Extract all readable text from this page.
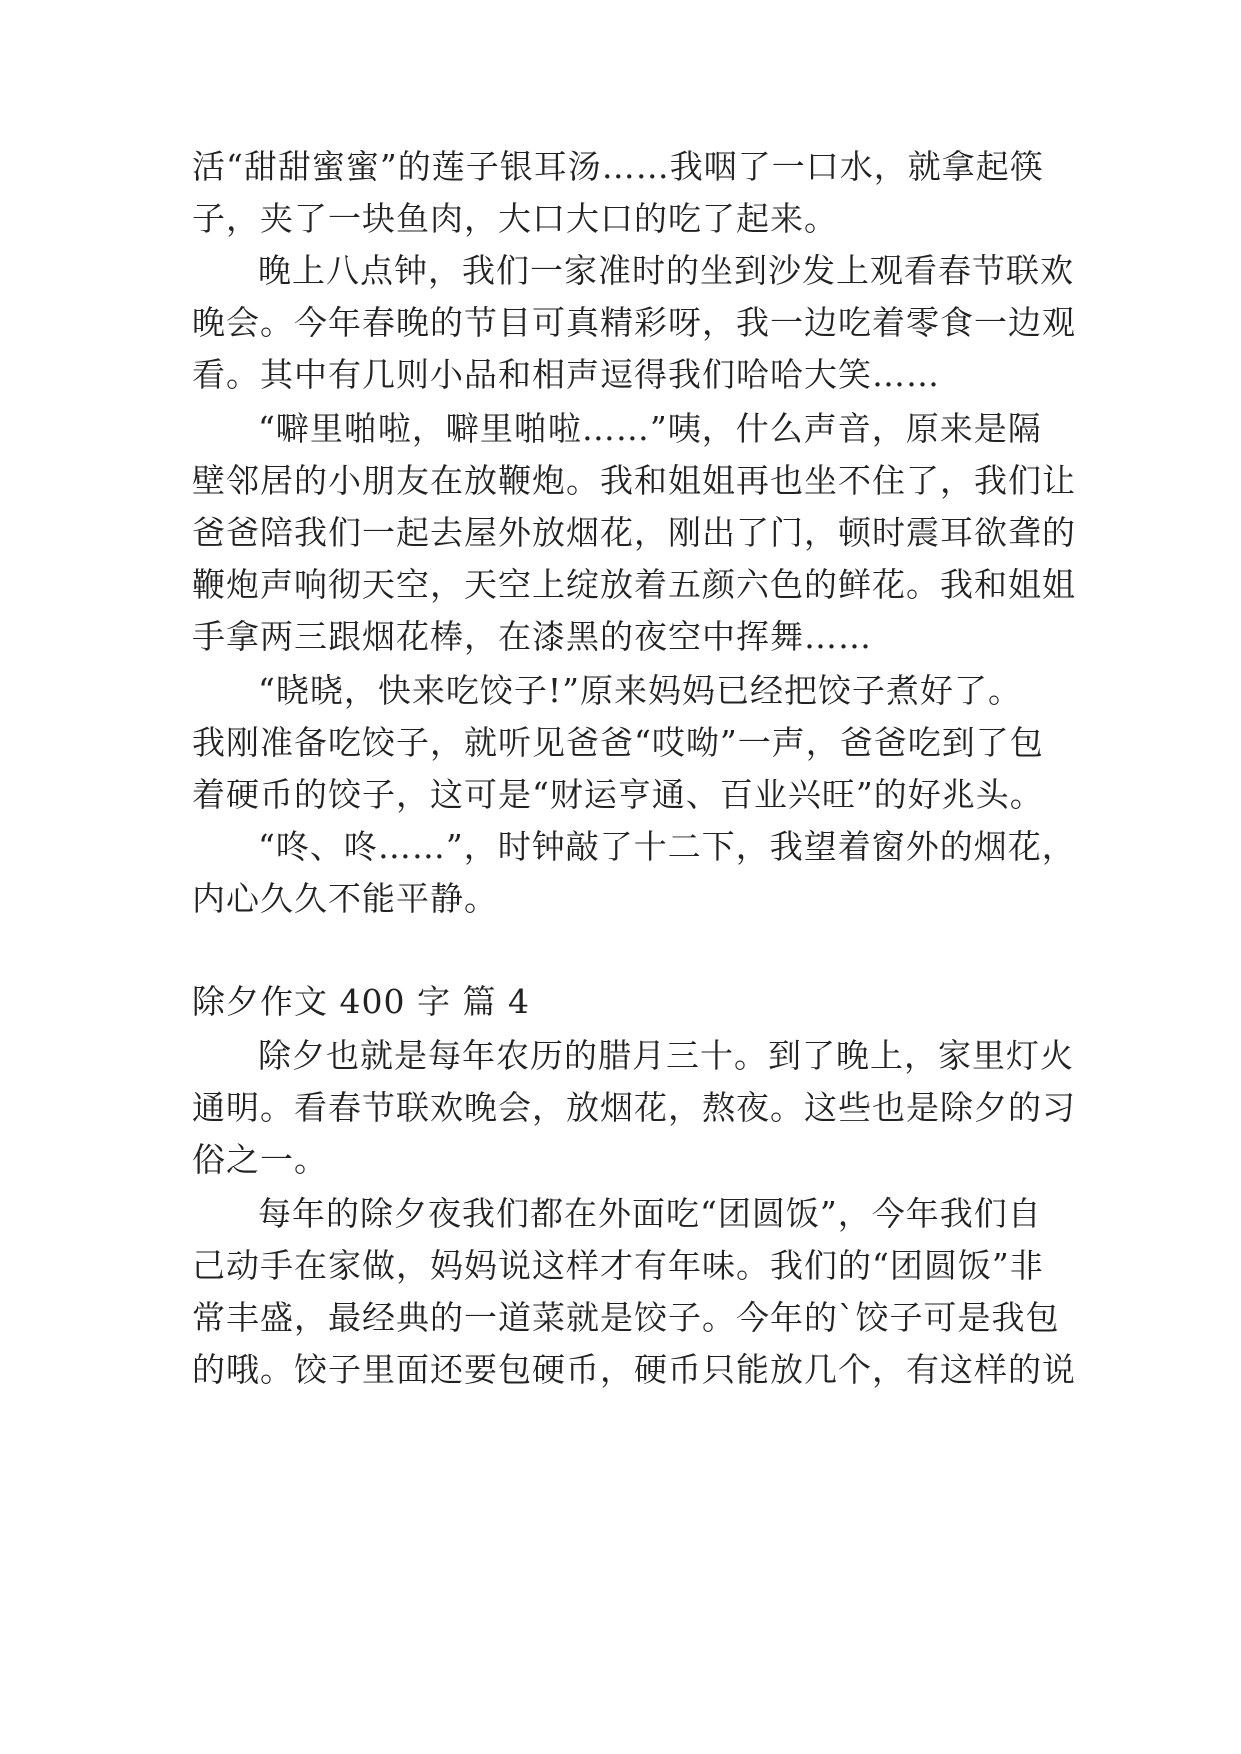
活“甜甜蜜蜜”的莲子银耳汤……我咽了一口水，就拿起筷
子，夹了一块鱼肉，大口大口的吃了起来。
晚上八点钟，我们一家准时的坐到沙发上观看春节联欢
晚会。今年春晚的节目可真精彩呀，我一边吃着零食一边观
看。其中有几则小品和相声逗得我们哈哈大笑……
“噼里啪啦，噼里啪啦……”咦，什么声音，原来是隔
壁邻居的小朋友在放鞭炮。我和姐姐再也坐不住了，我们让
爸爸陪我们一起去屋外放烟花，刚出了门，顿时震耳欲聋的
鞭炮声响彻天空，天空上绽放着五颜六色的鲜花。我和姐姐
手拿两三跟烟花棒，在漆黑的夜空中挥舞……
“晓晓，快来吃饺子!”原来妈妈已经把饺子煮好了。
我刚准备吃饺子，就听见爸爸“哎呦”一声，爸爸吃到了包
着硬币的饺子，这可是“财运亨通、百业兴旺”的好兆头。
“咚、咚……”，时钟敲了十二下，我望着窗外的烟花，
内心久久不能平静。
除夕作文 400 字 篇 4
除夕也就是每年农历的腊月三十。到了晚上，家里灯火
通明。看春节联欢晚会，放烟花，熬夜。这些也是除夕的习
俗之一。
每年的除夕夜我们都在外面吃“团圆饭”，今年我们自
己动手在家做，妈妈说这样才有年味。我们的“团圆饭”非
常丰盛，最经典的一道菜就是饺子。今年的`饺子可是我包
的哦。饺子里面还要包硬币，硬币只能放几个，有这样的说
